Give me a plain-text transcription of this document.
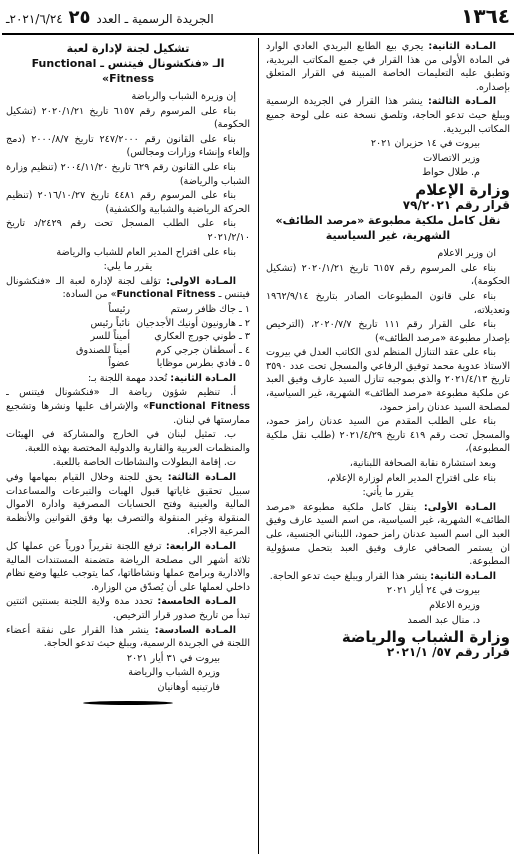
١٣٦٤
الجريدة الرسمية ـ العدد ٢٥ ٢٠٢١/٦/٢٤ـ

المـادة الثانية: يجري بيع الطابع البريدي العادي الوارد في المادة الأولى من هذا القرار في جميع المكاتب البريدية، وتطبق عليه التعليمات الخاصة المبينة في القرار المتعلق بإصداره.

المـادة الثالثة: ينشر هذا القرار في الجريدة الرسمية ويبلغ حيث تدعو الحاجة، وتلصق نسخة عنه على لوحة جميع المكاتب البريدية.

بيروت في ١٤ حزيران ٢٠٢١

وزير الاتصالات

م. طلال حواط

وزارة الإعلام
قرار رقم ٧٩/٢٠٢١
نقل كامل ملكية مطبوعة «مرصد الطائف» الشهرية، غير السياسية

ان وزير الاعلام

بناء على المرسوم رقم ٦١٥٧ تاريخ ٢٠٢٠/١/٢١ (تشكيل الحكومة)،

بناء على قانون المطبوعات الصادر بتاريخ ١٩٦٢/٩/١٤ وتعديلاته،

بناء على القرار رقم ١١١ تاريخ ٢٠٢٠/٧/٧، (الترخيص بإصدار مطبوعة «مرصد الطائف»)

بناء على عقد التنازل المنظم لدى الكاتب العدل في بيروت الاستاذ عدوية محمد توفيق الرفاعي والمسجل تحت عدد ٣٥٩٠ تاريخ ٢٠٢١/٤/١٣ والذي بموجبه تنازل السيد عارف وفيق العبد عن ملكية مطبوعة «مرصد الطائف» الشهرية، غير السياسية، لمصلحة السيد عدنان رامز حمود،

بناء على الطلب المقدم من السيد عدنان رامز حمود، والمسجل تحت رقم ٤١٩ تاريخ ٢٠٢١/٤/٢٩ (طلب نقل ملكية المطبوعة)،

وبعد استشارة نقابة الصحافة اللبنانية،

بناء على اقتراح المدير العام لوزارة الإعلام،

يقرر ما يأتي:

المـادة الأولى: ينقل كامل ملكية مطبوعة «مرصد الطائف» الشهرية، غير السياسية، من اسم السيد عارف وفيق العبد الى اسم السيد عدنان رامز حمود، اللبناني الجنسية، على ان يستمر الصحافي عارف وفيق العبد بتحمل مسؤولية المطبوعة.

المـادة الثانية: ينشر هذا القرار ويبلغ حيث تدعو الحاجة.

بيروت في ٢٤ أيار ٢٠٢١

وزيرة الاعلام

د. منال عبد الصمد

وزارة الشباب والرياضة
قرار رقم ٥٧/ ٢٠٢١/١
تشكيل لجنة لإدارة لعبة
الـ «فنكشونال فيتنس ـ Functional Fitness»

إن وزيرة الشباب والرياضة

بناء على المرسوم رقم ٦١٥٧ تاريخ ٢٠٢٠/١/٢١ (تشكيل الحكومة)

بناء على القانون رقم ٢٤٧/٢٠٠٠ تاريخ ٢٠٠٠/٨/٧ (دمج وإلغاء وإنشاء وزارات ومجالس)

بناء على القانون رقم ٦٢٩ تاريخ ٢٠٠٤/١١/٢٠ (تنظيم وزارة الشباب والرياضة)

بناء على المرسوم رقم ٤٤٨١ تاريخ ٢٠١٦/١٠/٢٧ (تنظيم الحركة الرياضية والشبابية والكشفية)

بناء على الطلب المسجل تحت رقم ٢٤٢٩/د تاريخ ٢٠٢١/٢/١٠

بناء على اقتراح المدير العام للشباب والرياضة

يقرر ما يلي:

المـادة الاولى: تؤلف لجنة لإدارة لعبة الـ «فنكشونال فيتنس ـ Functional Fitness» من السادة:

١ ـ جاك ظافر رستم
رئيساً
٢ ـ هارونيون أونيك الأجدجيان
نائباً رئيس
٣ ـ طوني جورج العكاري
أميناً للسر
٤ ـ أسطفان جرجي كرم
أميناً للصندوق
٥ ـ فادي بطرس موظايا
عضواً

المـادة الثانية: تُحدد مهمة اللجنة بـ:

أ. تنظيم شؤون رياضة الـ «فنكشونال فيتنس ـ Functional Fitness» والإشراف عليها ونشرها وتشجيع ممارستها في لبنان.

ب. تمثيل لبنان في الخارج والمشاركة في الهيئات والمنظمات العربية والقارية والدولية المختصة بهذه اللعبة.

ت. إقامة البطولات والنشاطات الخاصة باللعبة.

المـادة الثالثة: يحق للجنة وخلال القيام بمهامها وفي سبيل تحقيق غاياتها قبول الهبات والتبرعات والمساعدات المالية والعينية وفتح الحسابات المصرفية وادارة الاموال المنقولة وغير المنقولة والتصرف بها وفق القوانين والأنظمة المرعية الاجراء.

المـادة الرابعة: ترفع اللجنة تقريراً دورياً عن عملها كل ثلاثة أشهر الى مصلحة الرياضة متضمنة المستندات المالية والادارية وبرامج عملها ونشاطاتها، كما يتوجب عليها وضع نظام داخلي لعملها على أن يُصدّق من الوزارة.

المـادة الخامسة: تحدد مدة ولاية اللجنة بسنتين اثنتين تبدأ من تاريخ صدور قرار الترخيص.

المـادة السادسة: ينشر هذا القرار على نفقة أعضاء اللجنة في الجريدة الرسمية، ويبلغ حيث تدعو الحاجة.

بيروت في ٣١ أيار ٢٠٢١

وزيرة الشباب والرياضة

فارتينيه أوهانيان
